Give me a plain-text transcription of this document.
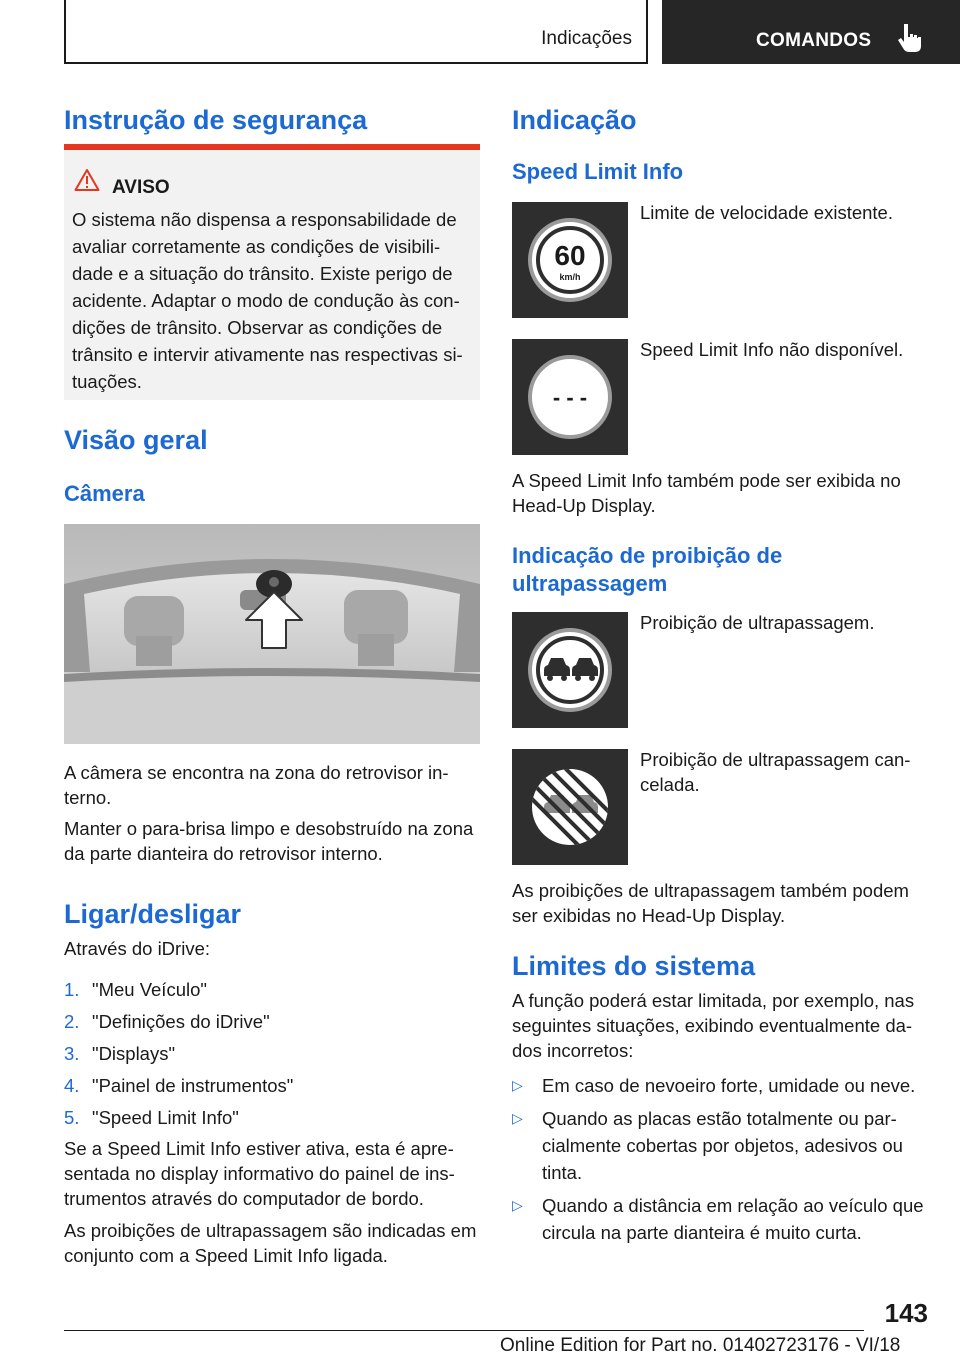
Indicações	COMANDOS
Instrução de segurança
AVISO
O sistema não dispensa a responsabilidade de avaliar corretamente as condições de visibili-dade e a situação do trânsito. Existe perigo de acidente. Adaptar o modo de condução às con-dições de trânsito. Observar as condições de trânsito e intervir ativamente nas respectivas si-tuações.
Visão geral
Câmera

A câmera se encontra na zona do retrovisor in-terno.

Manter o para-brisa limpo e desobstruído na zona da parte dianteira do retrovisor interno.

Ligar/desligar

Através do iDrive:

1. "Meu Veículo"
2. "Definições do iDrive"
3. "Displays"
4. "Painel de instrumentos"
5. "Speed Limit Info"

Se a Speed Limit Info estiver ativa, esta é apre-sentada no display informativo do painel de ins-trumentos através do computador de bordo.

As proibições de ultrapassagem são indicadas em conjunto com a Speed Limit Info ligada.

Indicação
Speed Limit Info
60
km/h
Limite de velocidade existente.
- - -
Speed Limit Info não disponível.

A Speed Limit Info também pode ser exibida no Head-Up Display.

Indicação de proibição de ultrapassagem
Proibição de ultrapassagem.
Proibição de ultrapassagem can-celada.

As proibições de ultrapassagem também podem ser exibidas no Head-Up Display.

Limites do sistema

A função poderá estar limitada, por exemplo, nas seguintes situações, exibindo eventualmente da-dos incorretos:

▷ Em caso de nevoeiro forte, umidade ou neve.
▷ Quando as placas estão totalmente ou par-cialmente cobertas por objetos, adesivos ou tinta.
▷ Quando a distância em relação ao veículo que circula na parte dianteira é muito curta.
143
Online Edition for Part no. 01402723176 - VI/18
